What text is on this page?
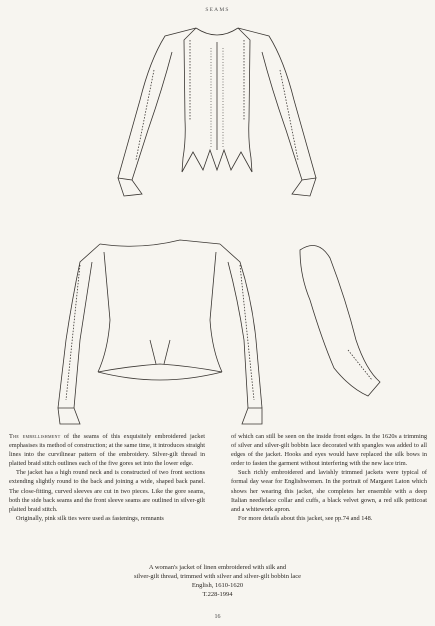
SEAMS

The embellishment of the seams of this exquisitely embroidered jacket emphasises its method of construction; at the same time, it introduces straight lines into the curvilinear pattern of the embroidery. Silver-gilt thread in plaited braid stitch outlines each of the five gores set into the lower edge.

The jacket has a high round neck and is constructed of two front sections extending slightly round to the back and joining a wide, shaped back panel. The close-fitting, curved sleeves are cut in two pieces. Like the gore seams, both the side back seams and the front sleeve seams are outlined in silver-gilt plaited braid stitch.

Originally, pink silk ties were used as fastenings, remnants

of which can still be seen on the inside front edges. In the 1620s a trimming of silver and silver-gilt bobbin lace decorated with spangles was added to all edges of the jacket. Hooks and eyes would have replaced the silk bows in order to fasten the garment without interfering with the new lace trim.

Such richly embroidered and lavishly trimmed jackets were typical of formal day wear for Englishwomen. In the portrait of Margaret Laton which shows her wearing this jacket, she completes her ensemble with a deep Italian needlelace collar and cuffs, a black velvet gown, a red silk petticoat and a whitework apron.

For more details about this jacket, see pp.74 and 148.

A woman's jacket of linen embroidered with silk and
silver-gilt thread, trimmed with silver and silver-gilt bobbin lace
English, 1610-1620
T.228-1994
16
